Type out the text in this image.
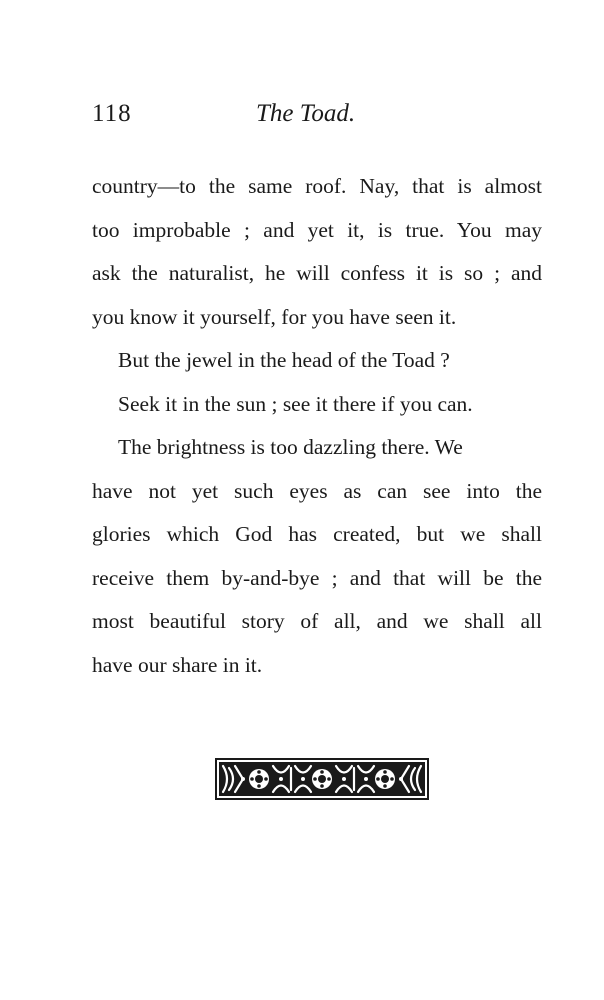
118	The Toad.
country—to the same roof. Nay, that is almost
too improbable ; and yet it, is true. You may
ask the naturalist, he will confess it is so ; and
you know it yourself, for you have seen it.
But the jewel in the head of the Toad ?
Seek it in the sun ; see it there if you can.
The brightness is too dazzling there. We
have not yet such eyes as can see into the
glories which God has created, but we shall
receive them by-and-bye ; and that will be the
most beautiful story of all, and we shall all
have our share in it.
